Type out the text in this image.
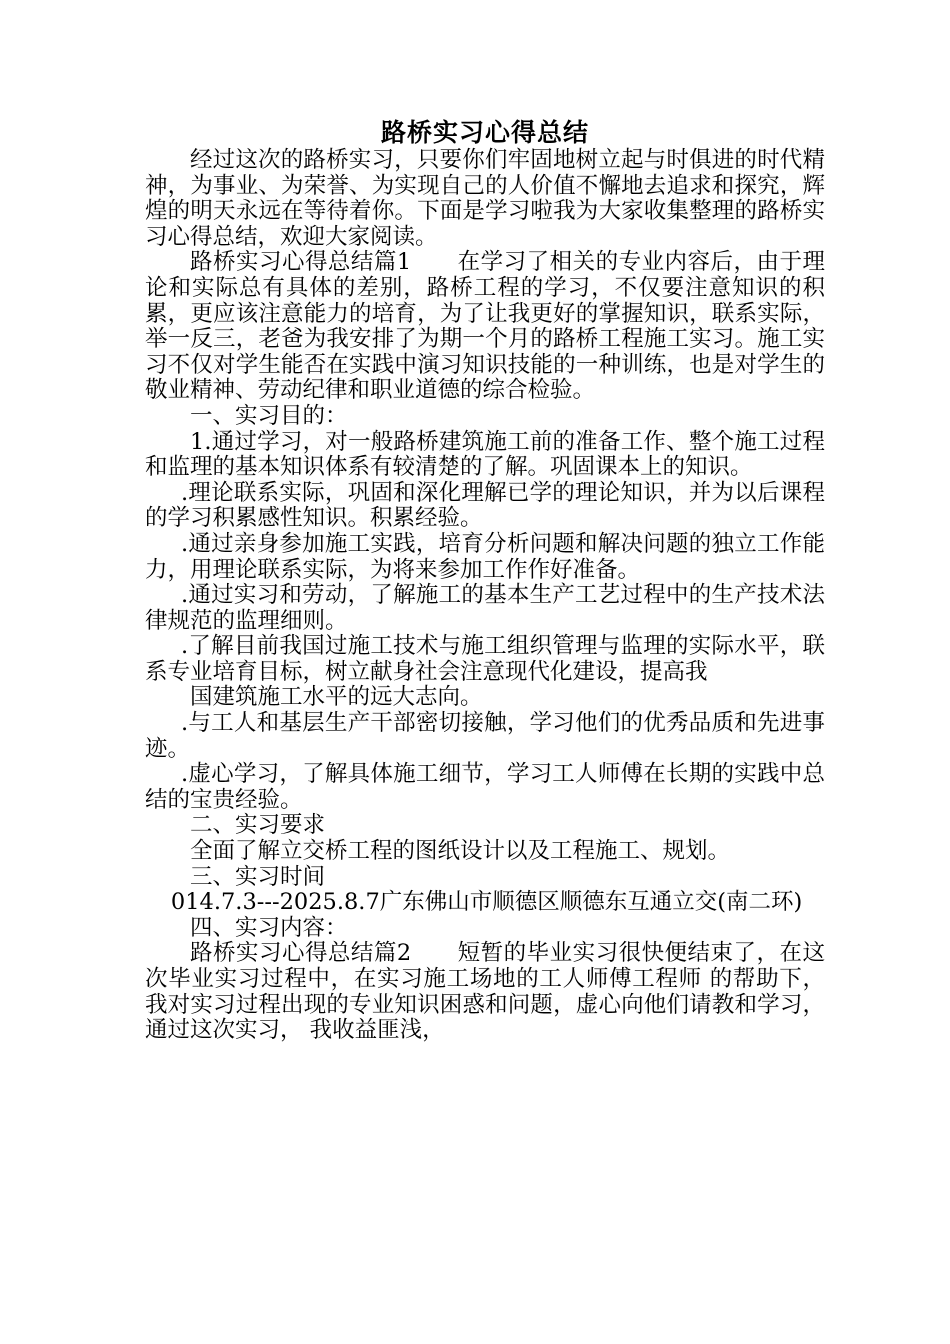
路桥实习心得总结

经过这次的路桥实习，只要你们牢固地树立起与时俱进的时代精神，为事业、为荣誉、为实现自己的人价值不懈地去追求和探究，辉煌的明天永远在等待着你。下面是学习啦我为大家收集整理的路桥实习心得总结，欢迎大家阅读。

路桥实习心得总结篇1　　在学习了相关的专业内容后，由于理论和实际总有具体的差别，路桥工程的学习，不仅要注意知识的积累，更应该注意能力的培育，为了让我更好的掌握知识，联系实际，举一反三，老爸为我安排了为期一个月的路桥工程施工实习。施工实习不仅对学生能否在实践中演习知识技能的一种训练，也是对学生的敬业精神、劳动纪律和职业道德的综合检验。

一、实习目的：

1.通过学习，对一般路桥建筑施工前的准备工作、整个施工过程和监理的基本知识体系有较清楚的了解。巩固课本上的知识。

.理论联系实际，巩固和深化理解已学的理论知识，并为以后课程的学习积累感性知识。积累经验。

.通过亲身参加施工实践，培育分析问题和解决问题的独立工作能力，用理论联系实际，为将来参加工作作好准备。

.通过实习和劳动，了解施工的基本生产工艺过程中的生产技术法律规范的监理细则。

.了解目前我国过施工技术与施工组织管理与监理的实际水平，联系专业培育目标，树立献身社会注意现代化建设，提高我

国建筑施工水平的远大志向。

.与工人和基层生产干部密切接触，学习他们的优秀品质和先进事迹。

.虚心学习，了解具体施工细节，学习工人师傅在长期的实践中总结的宝贵经验。

二、实习要求

全面了解立交桥工程的图纸设计以及工程施工、规划。

三、实习时间

014.7.3---2025.8.7广东佛山市顺德区顺德东互通立交(南二环)

四、实习内容：

路桥实习心得总结篇2　　短暂的毕业实习很快便结束了，在这次毕业实习过程中，在实习施工场地的工人师傅工程师 的帮助下，我对实习过程出现的专业知识困惑和问题，虚心向他们请教和学习，通过这次实习， 我收益匪浅，
